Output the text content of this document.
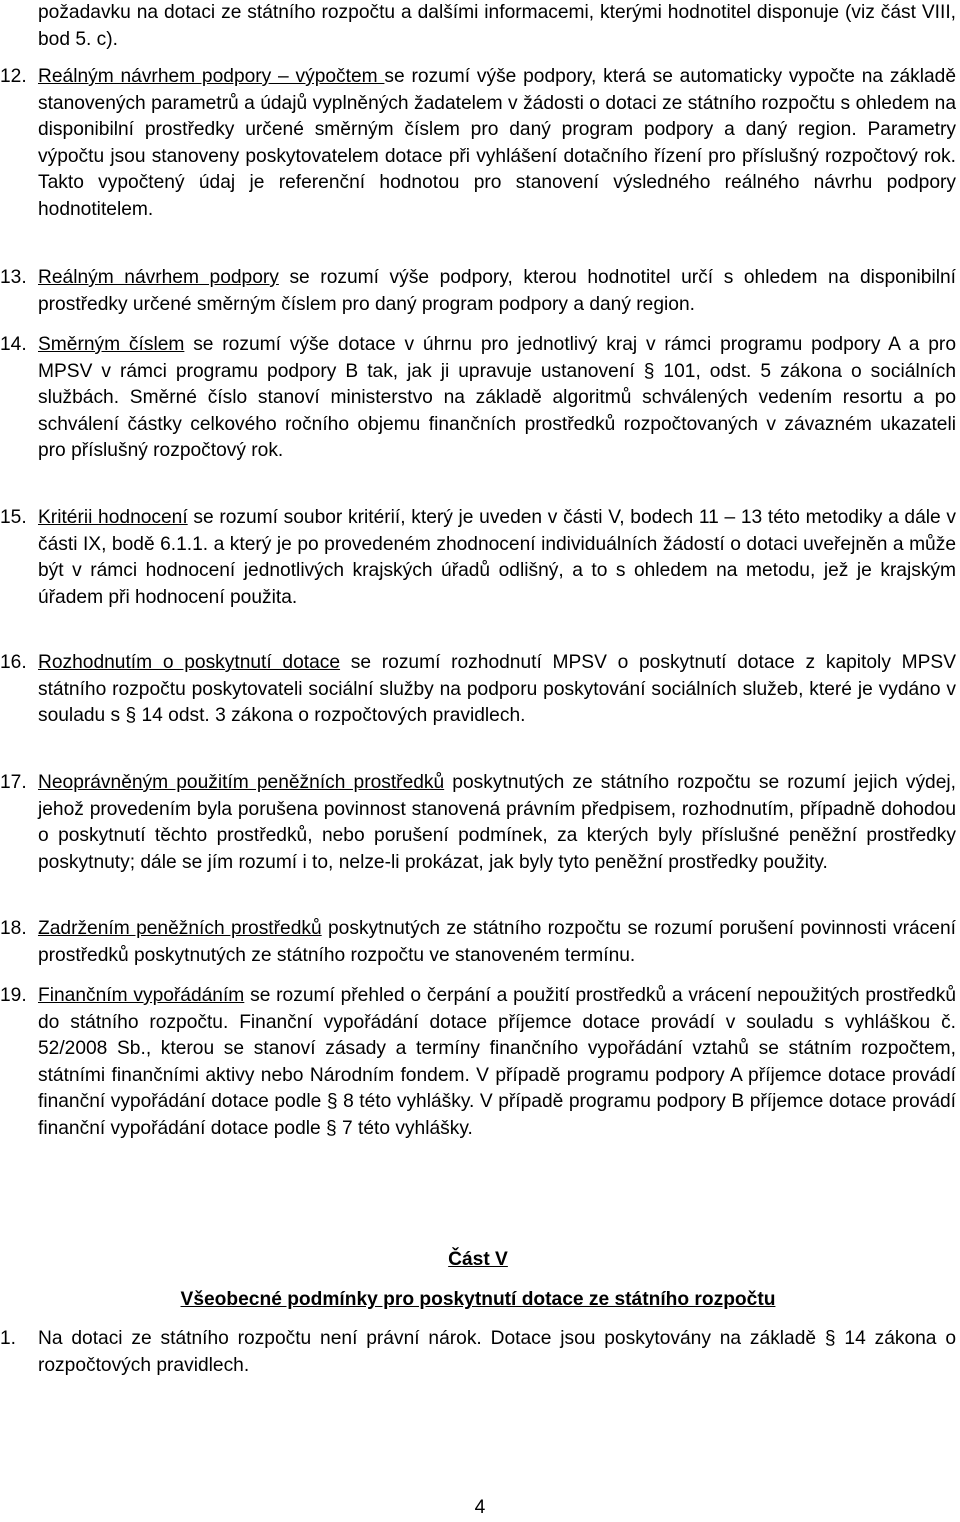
požadavku na dotaci ze státního rozpočtu a dalšími informacemi, kterými hodnotitel disponuje (viz část VIII, bod 5. c).

12. Reálným návrhem podpory – výpočtem se rozumí výše podpory, která se automaticky vypočte na základě stanovených parametrů a údajů vyplněných žadatelem v žádosti o dotaci ze státního rozpočtu s ohledem na disponibilní prostředky určené směrným číslem pro daný program podpory a daný region. Parametry výpočtu jsou stanoveny poskytovatelem dotace při vyhlášení dotačního řízení pro příslušný rozpočtový rok. Takto vypočtený údaj je referenční hodnotou pro stanovení výsledného reálného návrhu podpory hodnotitelem.

13. Reálným návrhem podpory se rozumí výše podpory, kterou hodnotitel určí s ohledem na disponibilní prostředky určené směrným číslem pro daný program podpory a daný region.

14. Směrným číslem se rozumí výše dotace v úhrnu pro jednotlivý kraj v rámci programu podpory A a pro MPSV v rámci programu podpory B tak, jak ji upravuje ustanovení § 101, odst. 5 zákona o sociálních službách. Směrné číslo stanoví ministerstvo na základě algoritmů schválených vedením resortu a po schválení částky celkového ročního objemu finančních prostředků rozpočtovaných v závazném ukazateli pro příslušný rozpočtový rok.

15. Kritérii hodnocení se rozumí soubor kritérií, který je uveden v části V, bodech 11 – 13 této metodiky a dále v části IX, bodě 6.1.1. a který je po provedeném zhodnocení individuálních žádostí o dotaci uveřejněn a může být v rámci hodnocení jednotlivých krajských úřadů odlišný, a to s ohledem na metodu, jež je krajským úřadem při hodnocení použita.

16. Rozhodnutím o poskytnutí dotace se rozumí rozhodnutí MPSV o poskytnutí dotace z kapitoly MPSV státního rozpočtu poskytovateli sociální služby na podporu poskytování sociálních služeb, které je vydáno v souladu s § 14 odst. 3 zákona o rozpočtových pravidlech.

17. Neoprávněným použitím peněžních prostředků poskytnutých ze státního rozpočtu se rozumí jejich výdej, jehož provedením byla porušena povinnost stanovená právním předpisem, rozhodnutím, případně dohodou o poskytnutí těchto prostředků, nebo porušení podmínek, za kterých byly příslušné peněžní prostředky poskytnuty; dále se jím rozumí i to, nelze-li prokázat, jak byly tyto peněžní prostředky použity.

18. Zadržením peněžních prostředků poskytnutých ze státního rozpočtu se rozumí porušení povinnosti vrácení prostředků poskytnutých ze státního rozpočtu ve stanoveném termínu.

19. Finančním vypořádáním se rozumí přehled o čerpání a použití prostředků a vrácení nepoužitých prostředků do státního rozpočtu. Finanční vypořádání dotace příjemce dotace provádí v souladu s vyhláškou č. 52/2008 Sb., kterou se stanoví zásady a termíny finančního vypořádání vztahů se státním rozpočtem, státními finančními aktivy nebo Národním fondem. V případě programu podpory A příjemce dotace provádí finanční vypořádání dotace podle § 8 této vyhlášky. V případě programu podpory B příjemce dotace provádí finanční vypořádání dotace podle § 7 této vyhlášky.

Část V
Všeobecné podmínky pro poskytnutí dotace ze státního rozpočtu
1. Na dotaci ze státního rozpočtu není právní nárok. Dotace jsou poskytovány na základě § 14 zákona o rozpočtových pravidlech.

4
